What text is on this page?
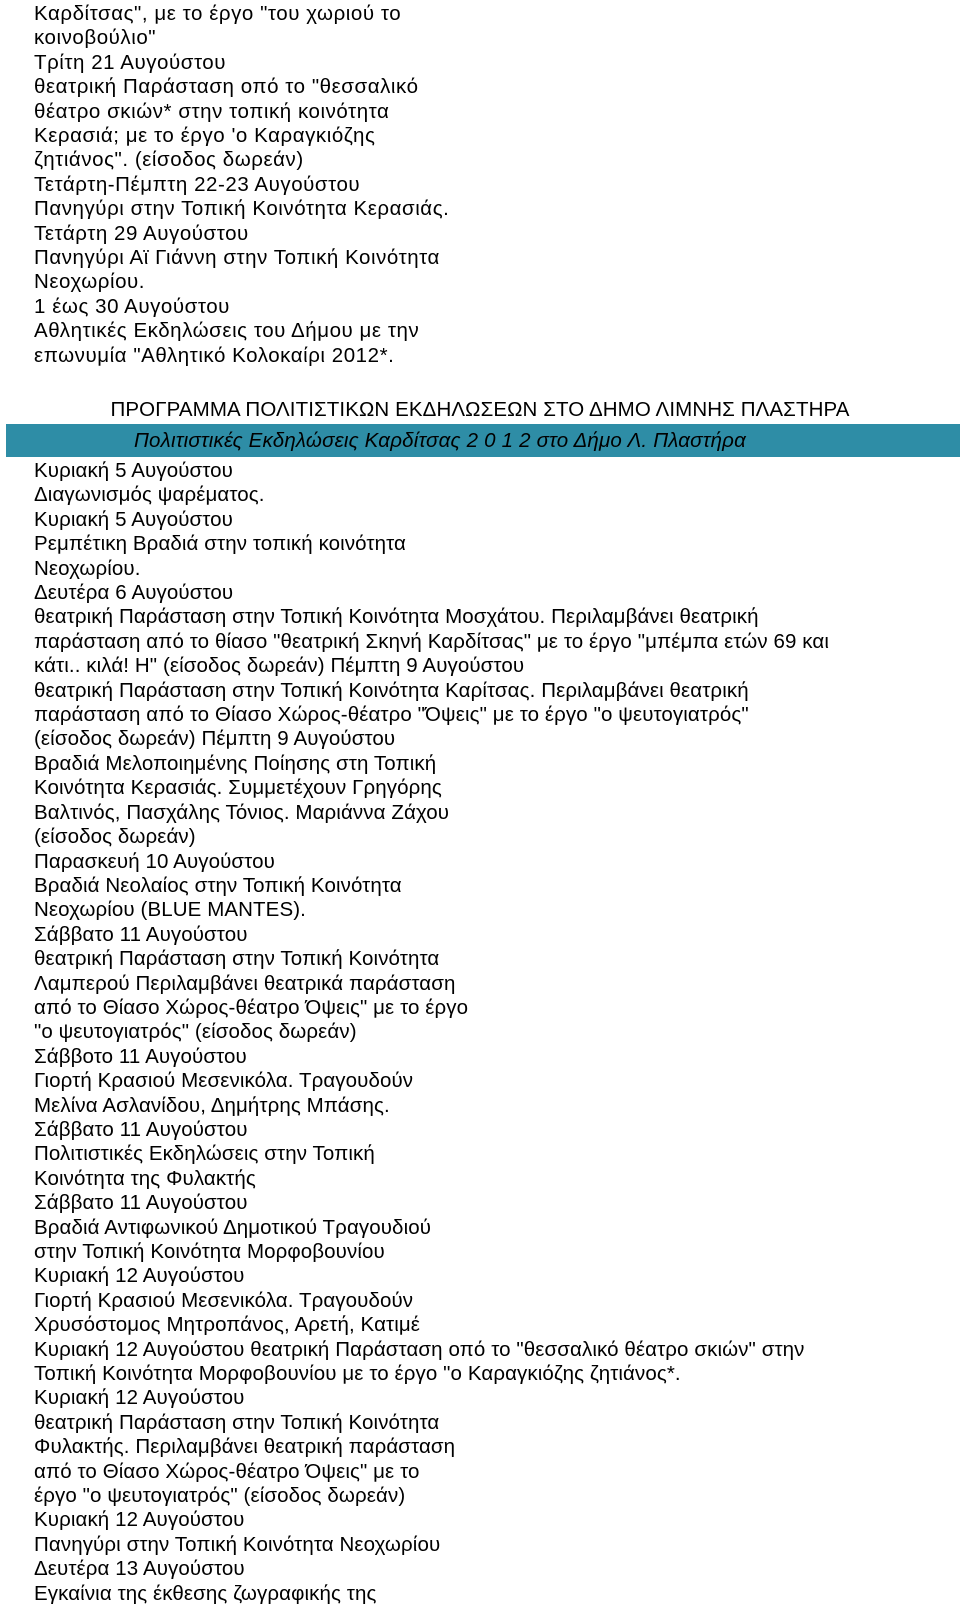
Καρδίτσας", με το έργο "του χωριού το
κοινοβούλιο"
Τρίτη 21 Αυγούστου
θεατρική Παράσταση οπό το "θεσσαλικό
θέατρο σκιών* στην τοπική κοινότητα
Κερασιά; με το έργο 'ο Καραγκιόζης
ζητιάνος". (είσοδος δωρεάν)
Τετάρτη-Πέμπτη 22-23 Αυγούστου
Πανηγύρι στην Τοπική Κοινότητα Κερασιάς.
Τετάρτη 29 Αυγούστου
Πανηγύρι Αϊ Γιάννη στην Τοπική Κοινότητα
Νεοχωρίου.
1 έως 30 Αυγούστου
Αθλητικές Εκδηλώσεις του Δήμου με την
επωνυμία "Αθλητικό Κολοκαίρι 2012*.
ΠΡΟΓΡΑΜΜΑ ΠΟΛΙΤΙΣΤΙΚΩΝ ΕΚΔΗΛΩΣΕΩΝ ΣΤΟ ΔΗΜΟ ΛΙΜΝΗΣ ΠΛΑΣΤΗΡΑ
Πολιτιστικές Εκδηλώσεις Καρδίτσας 2 0 1 2 στο Δήμο Λ. Πλαστήρα
Κυριακή 5 Αυγούστου
Διαγωνισμός ψαρέματος.
Κυριακή 5 Αυγούστου
Ρεμπέτικη Βραδιά στην τοπική κοινότητα
Νεοχωρίου.
Δευτέρα 6 Αυγούστου
θεατρική Παράσταση στην Τοπική Κοινότητα Μοσχάτου. Περιλαμβάνει θεατρική
παράσταση από το θίασο "θεατρική Σκηνή Καρδίτσας" με το έργο "μπέμπα ετών 69 και
κάτι.. κιλά! Η" (είσοδος δωρεάν) Πέμπτη 9 Αυγούστου
θεατρική Παράσταση στην Τοπική Κοινότητα Καρίτσας. Περιλαμβάνει θεατρική
παράσταση από το Θίασο Χώρος-θέατρο "Όψεις" με το έργο "ο ψευτογιατρός"
(είσοδος δωρεάν) Πέμπτη 9 Αυγούστου
Βραδιά Μελοποιημένης Ποίησης στη Τοπική
Κοινότητα Κερασιάς. Συμμετέχουν Γρηγόρης
Βαλτινός, Πασχάλης Τόνιος. Μαριάννα Ζάχου
(είσοδος δωρεάν)
Παρασκευή 10 Αυγούστου
Βραδιά Νεολαίος στην Τοπική Κοινότητα
Νεοχωρίου (BLUE MANTES).
Σάββατο 11 Αυγούστου
θεατρική Παράσταση στην Τοπική Κοινότητα
Λαμπερού Περιλαμβάνει θεατρικά παράσταση
από το Θίασο Χώρος-θέατρο Όψεις" με το έργο
"ο ψευτογιατρός" (είσοδος δωρεάν)
Σάββοτο 11 Αυγούστου
Γιορτή Κρασιού Μεσενικόλα. Τραγουδούν
Μελίνα Ασλανίδου, Δημήτρης Μπάσης.
Σάββατο 11 Αυγούστου
Πολιτιστικές Εκδηλώσεις στην Τοπική
Κοινότητα της Φυλακτής
Σάββατο 11 Αυγούστου
Βραδιά Αντιφωνικού Δημοτικού Τραγουδιού
στην Τοπική Κοινότητα Μορφοβουνίου
Κυριακή 12 Αυγούστου
Γιορτή Κρασιού Μεσενικόλα. Τραγουδούν
Χρυσόστομος Μητροπάνος, Αρετή, Κατιμέ
Κυριακή 12 Αυγούστου θεατρική Παράσταση οπό το "θεσσαλικό θέατρο σκιών" στην
Τοπική Κοινότητα Μορφοβουνίου με το έργο "ο Καραγκιόζης ζητιάνος*.
Κυριακή 12 Αυγούστου
θεατρική Παράσταση στην Τοπική Κοινότητα
Φυλακτής. Περιλαμβάνει θεατρική παράσταση
από το Θίασο Χώρος-θέατρο Όψεις" με το
έργο "ο ψευτογιατρός" (είσοδος δωρεάν)
Κυριακή 12 Αυγούστου
Πανηγύρι στην Τοπική Κοινότητα Νεοχωρίου
Δευτέρα 13 Αυγούστου
Εγκαίνια της έκθεσης ζωγραφικής της
